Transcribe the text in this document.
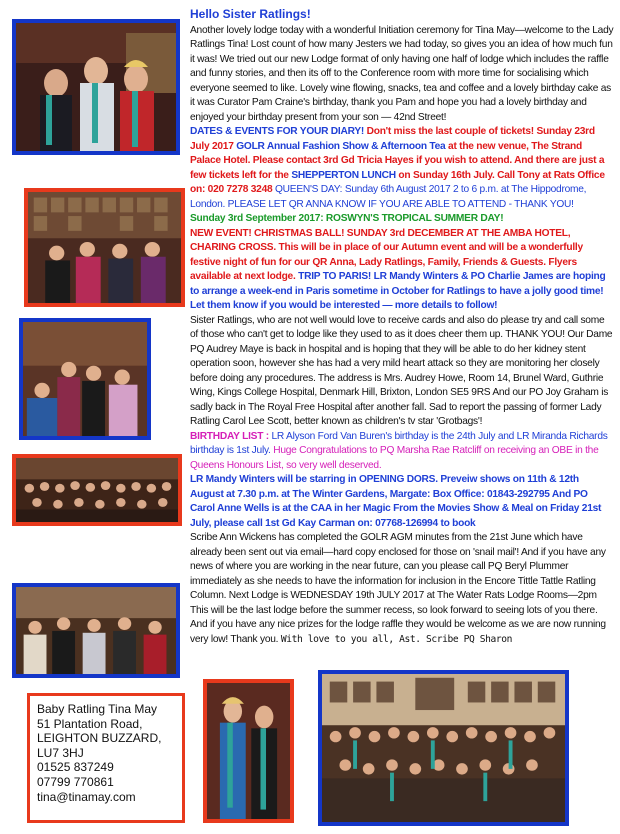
Hello Sister Ratlings!

Another lovely lodge today with a wonderful Initiation ceremony for Tina May—welcome to the Lady Ratlings Tina! Lost count of how many Jesters we had today, so gives you an idea of how much fun it was! We tried out our new Lodge format of only having one half of lodge which includes the raffle and funny stories, and then its off to the Conference room with more time for socialising which everyone seemed to like. Lovely wine flowing, snacks, tea and coffee and a lovely birthday cake as it was Curator Pam Craine's birthday, thank you Pam and hope you had a lovely birthday and enjoyed your birthday present from your son — 42nd Street!

DATES & EVENTS FOR YOUR DIARY! Don't miss the last couple of tickets! Sunday 23rd July 2017 GOLR Annual Fashion Show & Afternoon Tea at the new venue, The Strand Palace Hotel. Please contact 3rd Gd Tricia Hayes if you wish to attend. And there are just a few tickets left for the SHEPPERTON LUNCH on Sunday 16th July. Call Tony at Rats Office on: 020 7278 3248 QUEEN'S DAY: Sunday 6th August 2017 2 to 6 p.m. at The Hippodrome, London. PLEASE LET QR ANNA KNOW IF YOU ARE ABLE TO ATTEND - THANK YOU!

Sunday 3rd September 2017: ROSWYN'S TROPICAL SUMMER DAY!

NEW EVENT! CHRISTMAS BALL! SUNDAY 3rd DECEMBER AT THE AMBA HOTEL, CHARING CROSS. This will be in place of our Autumn event and will be a wonderfully festive night of fun for our QR Anna, Lady Ratlings, Family, Friends & Guests. Flyers available at next lodge. TRIP TO PARIS! LR Mandy Winters & PO Charlie James are hoping to arrange a week-end in Paris sometime in October for Ratlings to have a jolly good time! Let them know if you would be interested — more details to follow!

Sister Ratlings, who are not well would love to receive cards and also do please try and call some of those who can't get to lodge like they used to as it does cheer them up. THANK YOU! Our Dame PQ Audrey Maye is back in hospital and is hoping that they will be able to do her kidney stent operation soon, however she has had a very mild heart attack so they are monitoring her closely before doing any procedures. The address is Mrs. Audrey Howe, Room 14, Brunel Ward, Guthrie Wing, Kings College Hospital, Denmark Hill, Brixton, London SE5 9RS And our PO Joy Graham is sadly back in The Royal Free Hospital after another fall. Sad to report the passing of former Lady Ratling Carol Lee Scott, better known as children's tv star 'Grotbags'!

BIRTHDAY LIST : LR Alyson Ford Van Buren's birthday is the 24th July and LR Miranda Richards birthday is 1st July. Huge Congratulations to PQ Marsha Rae Ratcliff on receiving an OBE in the Queens Honours List, so very well deserved.

LR Mandy Winters will be starring in OPENING DORS. Preveiw shows on 11th & 12th August at 7.30 p.m. at The Winter Gardens, Margate: Box Office: 01843-292795 And PO Carol Anne Wells is at the CAA in her Magic From the Movies Show & Meal on Friday 21st July, please call 1st Gd Kay Carman on: 07768-126994 to book

Scribe Ann Wickens has completed the GOLR AGM minutes from the 21st June which have already been sent out via email—hard copy enclosed for those on 'snail mail'! And if you have any news of where you are working in the near future, can you please call PQ Beryl Plummer immediately as she needs to have the information for inclusion in the Encore Tittle Tattle Ratling Column. Next Lodge is WEDNESDAY 19th JULY 2017 at The Water Rats Lodge Rooms—2pm This will be the last lodge before the summer recess, so look forward to seeing lots of you there. And if you have any nice prizes for the lodge raffle they would be welcome as we are now running very low! Thank you. With love to you all, Ast. Scribe PQ Sharon

Baby Ratling Tina May
51 Plantation Road,
LEIGHTON BUZZARD,
LU7 3HJ
01525 837249
07799 770861
tina@tinamay.com
